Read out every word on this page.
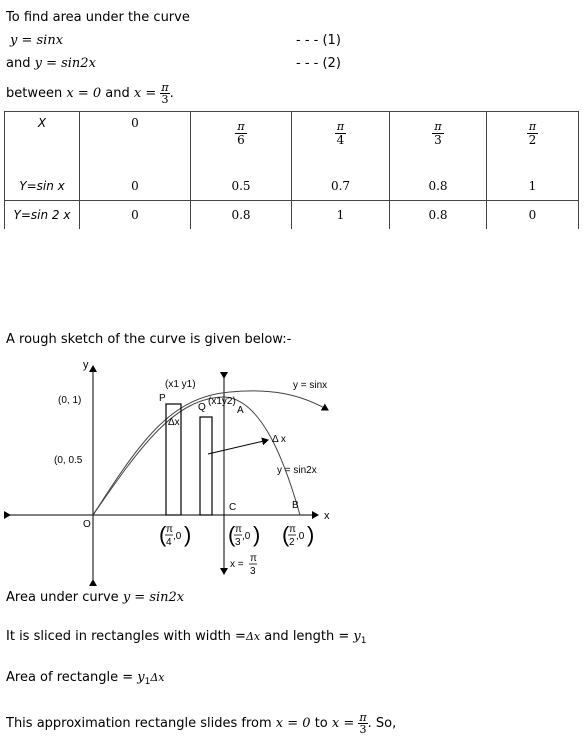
To find area under the curve
y = sinx	- - - (1)
and y = sin2x	- - - (2)
between x = 0 and $x = \frac{\pi}{3}$ .
X	0	$\frac{\pi}{6}$	$\frac{\pi}{4}$	$\frac{\pi}{3}$	$\frac{\pi}{2}$

Y=sin x	0	0.5	0.7	0.8	1
Y=sin 2 x	0	0.8	1	0.8	0
A rough sketch of the curve is given below:-
y
x
(0, 1)
(0, 0.5
O
P
Q	A
B
C
(x1 y1)
(x1y2)
Δx
Δ x
y = sinx
y = sin2x
( π
4
,0 ) ( π
3
,0 ) ( π
2
,0 )
x =
π
3
Area under curve y = sin2x
It is sliced in rectangles with width =Δx and length = $y_1$
Area of rectangle = $y_1\Delta x$
This approximation rectangle slides from x = 0 to $x = \frac{\pi}{3}$ . So,
